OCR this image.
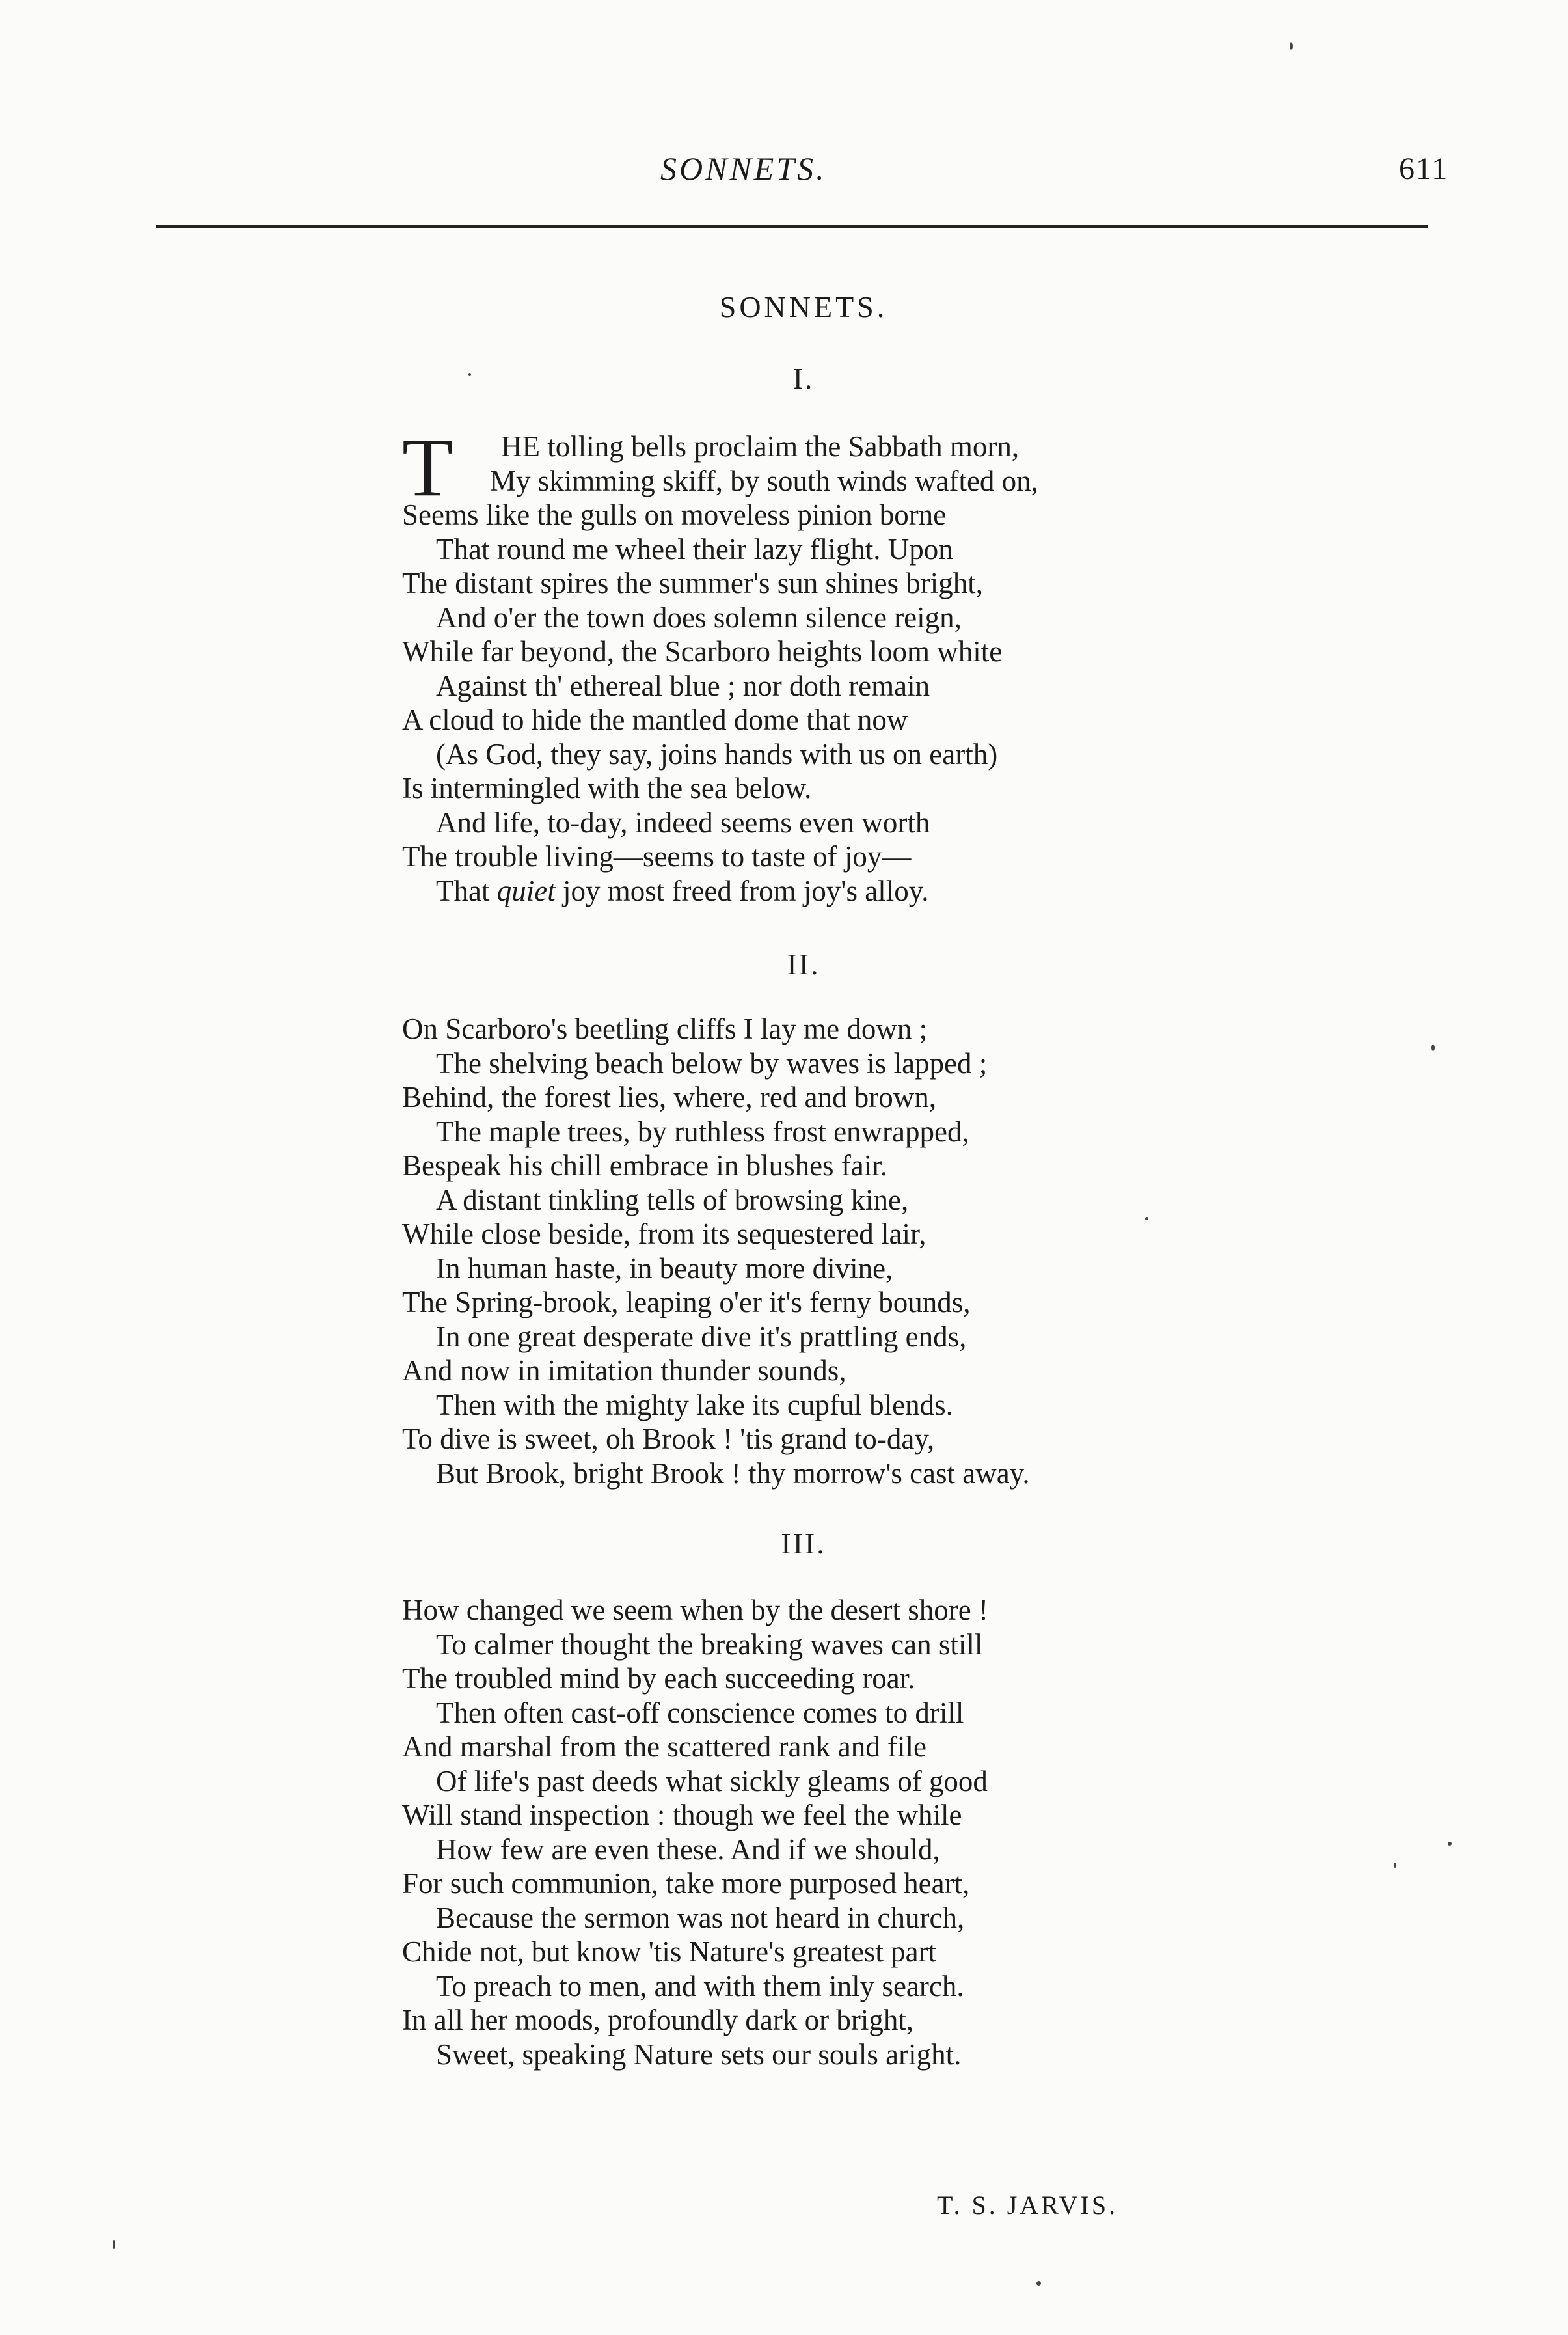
SONNETS.	611
SONNETS.
I.
T HE tolling bells proclaim the Sabbath morn,
My skimming skiff, by south winds wafted on,
Seems like the gulls on moveless pinion borne
That round me wheel their lazy flight. Upon
The distant spires the summer's sun shines bright,
And o'er the town does solemn silence reign,
While far beyond, the Scarboro heights loom white
Against th' ethereal blue ; nor doth remain
A cloud to hide the mantled dome that now
(As God, they say, joins hands with us on earth)
Is intermingled with the sea below.
And life, to-day, indeed seems even worth
The trouble living—seems to taste of joy—
That quiet joy most freed from joy's alloy.
II.
On Scarboro's beetling cliffs I lay me down ;
The shelving beach below by waves is lapped ;
Behind, the forest lies, where, red and brown,
The maple trees, by ruthless frost enwrapped,
Bespeak his chill embrace in blushes fair.
A distant tinkling tells of browsing kine,
While close beside, from its sequestered lair,
In human haste, in beauty more divine,
The Spring-brook, leaping o'er it's ferny bounds,
In one great desperate dive it's prattling ends,
And now in imitation thunder sounds,
Then with the mighty lake its cupful blends.
To dive is sweet, oh Brook ! 'tis grand to-day,
But Brook, bright Brook ! thy morrow's cast away.
III.
How changed we seem when by the desert shore !
To calmer thought the breaking waves can still
The troubled mind by each succeeding roar.
Then often cast-off conscience comes to drill
And marshal from the scattered rank and file
Of life's past deeds what sickly gleams of good
Will stand inspection : though we feel the while
How few are even these. And if we should,
For such communion, take more purposed heart,
Because the sermon was not heard in church,
Chide not, but know 'tis Nature's greatest part
To preach to men, and with them inly search.
In all her moods, profoundly dark or bright,
Sweet, speaking Nature sets our souls aright.
T. S. JARVIS.
